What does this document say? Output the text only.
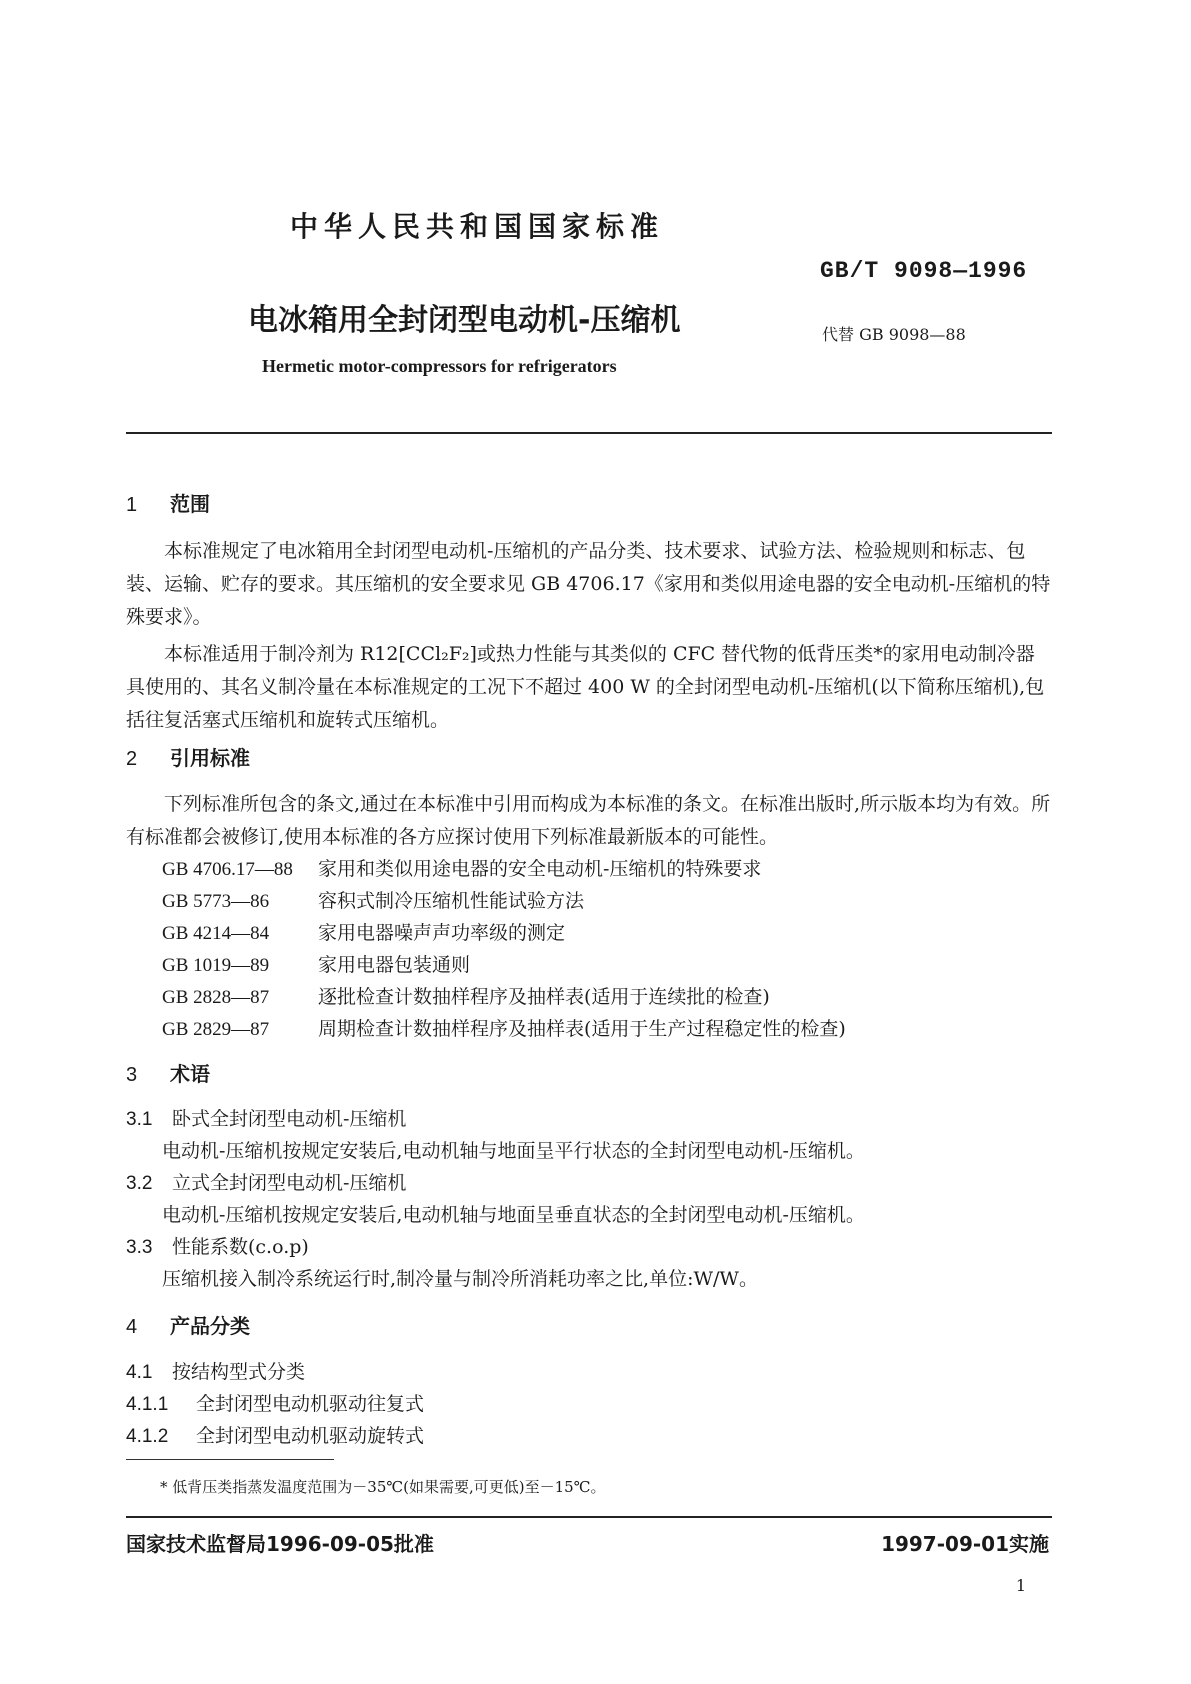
中华人民共和国国家标准
GB/T 9098—1996
电冰箱用全封闭型电动机-压缩机	代替 GB 9098—88
Hermetic motor-compressors for refrigerators
1 范围
本标准规定了电冰箱用全封闭型电动机-压缩机的产品分类、技术要求、试验方法、检验规则和标志、包装、运输、贮存的要求。其压缩机的安全要求见 GB 4706.17《家用和类似用途电器的安全电动机-压缩机的特殊要求》。
本标准适用于制冷剂为 R12[CCl₂F₂]或热力性能与其类似的 CFC 替代物的低背压类*的家用电动制冷器具使用的、其名义制冷量在本标准规定的工况下不超过 400 W 的全封闭型电动机-压缩机(以下简称压缩机),包括往复活塞式压缩机和旋转式压缩机。
2 引用标准
下列标准所包含的条文,通过在本标准中引用而构成为本标准的条文。在标准出版时,所示版本均为有效。所有标准都会被修订,使用本标准的各方应探讨使用下列标准最新版本的可能性。
GB 4706.17—88 家用和类似用途电器的安全电动机-压缩机的特殊要求
GB 5773—86	容积式制冷压缩机性能试验方法
GB 4214—84	家用电器噪声声功率级的测定
GB 1019—89	家用电器包装通则
GB 2828—87	逐批检查计数抽样程序及抽样表(适用于连续批的检查)
GB 2829—87	周期检查计数抽样程序及抽样表(适用于生产过程稳定性的检查)
3 术语
3.1 卧式全封闭型电动机-压缩机
电动机-压缩机按规定安装后,电动机轴与地面呈平行状态的全封闭型电动机-压缩机。
3.2 立式全封闭型电动机-压缩机
电动机-压缩机按规定安装后,电动机轴与地面呈垂直状态的全封闭型电动机-压缩机。
3.3 性能系数(c.o.p)
压缩机接入制冷系统运行时,制冷量与制冷所消耗功率之比,单位:W/W。
4 产品分类
4.1 按结构型式分类
4.1.1 全封闭型电动机驱动往复式
4.1.2 全封闭型电动机驱动旋转式
* 低背压类指蒸发温度范围为－35℃(如果需要,可更低)至－15℃。
国家技术监督局1996-09-05批准	1997-09-01实施
1
